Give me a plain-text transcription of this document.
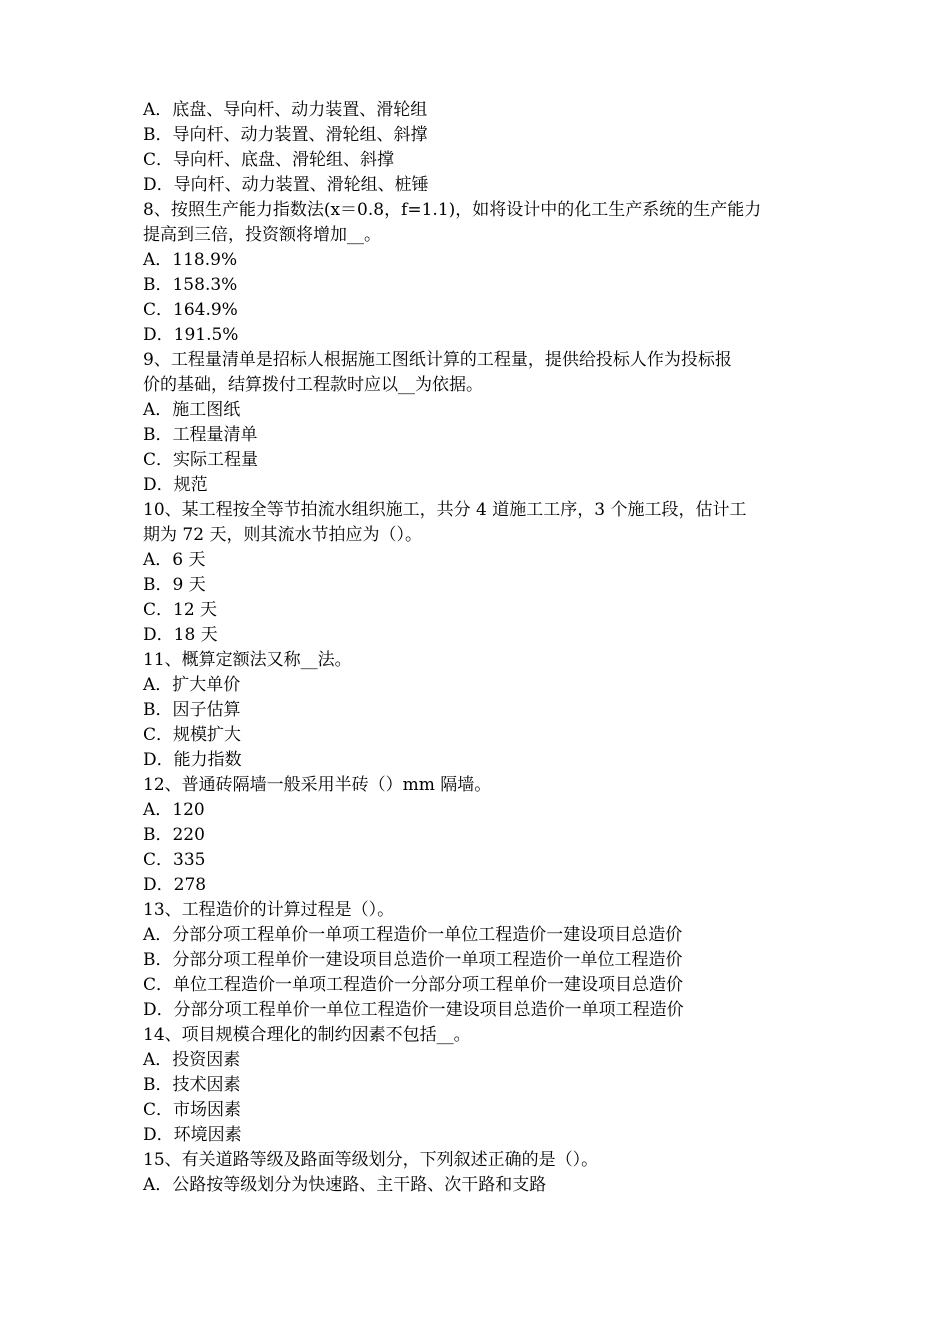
A．底盘、导向杆、动力装置、滑轮组
B．导向杆、动力装置、滑轮组、斜撑
C．导向杆、底盘、滑轮组、斜撑
D．导向杆、动力装置、滑轮组、桩锤
8、按照生产能力指数法(x＝0.8，f=1.1)，如将设计中的化工生产系统的生产能力
提高到三倍，投资额将增加__。
A．118.9%
B．158.3%
C．164.9%
D．191.5%
9、工程量清单是招标人根据施工图纸计算的工程量，提供给投标人作为投标报
价的基础，结算拨付工程款时应以__为依据。
A．施工图纸
B．工程量清单
C．实际工程量
D．规范
10、某工程按全等节拍流水组织施工，共分 4 道施工工序，3 个施工段，估计工
期为 72 天，则其流水节拍应为（）。
A．6 天
B．9 天
C．12 天
D．18 天
11、概算定额法又称__法。
A．扩大单价
B．因子估算
C．规模扩大
D．能力指数
12、普通砖隔墙一般采用半砖（）mm 隔墙。
A．120
B．220
C．335
D．278
13、工程造价的计算过程是（）。
A．分部分项工程单价一单项工程造价一单位工程造价一建设项目总造价
B．分部分项工程单价一建设项目总造价一单项工程造价一单位工程造价
C．单位工程造价一单项工程造价一分部分项工程单价一建设项目总造价
D．分部分项工程单价一单位工程造价一建设项目总造价一单项工程造价
14、项目规模合理化的制约因素不包括__。
A．投资因素
B．技术因素
C．市场因素
D．环境因素
15、有关道路等级及路面等级划分，下列叙述正确的是（）。
A．公路按等级划分为快速路、主干路、次干路和支路
